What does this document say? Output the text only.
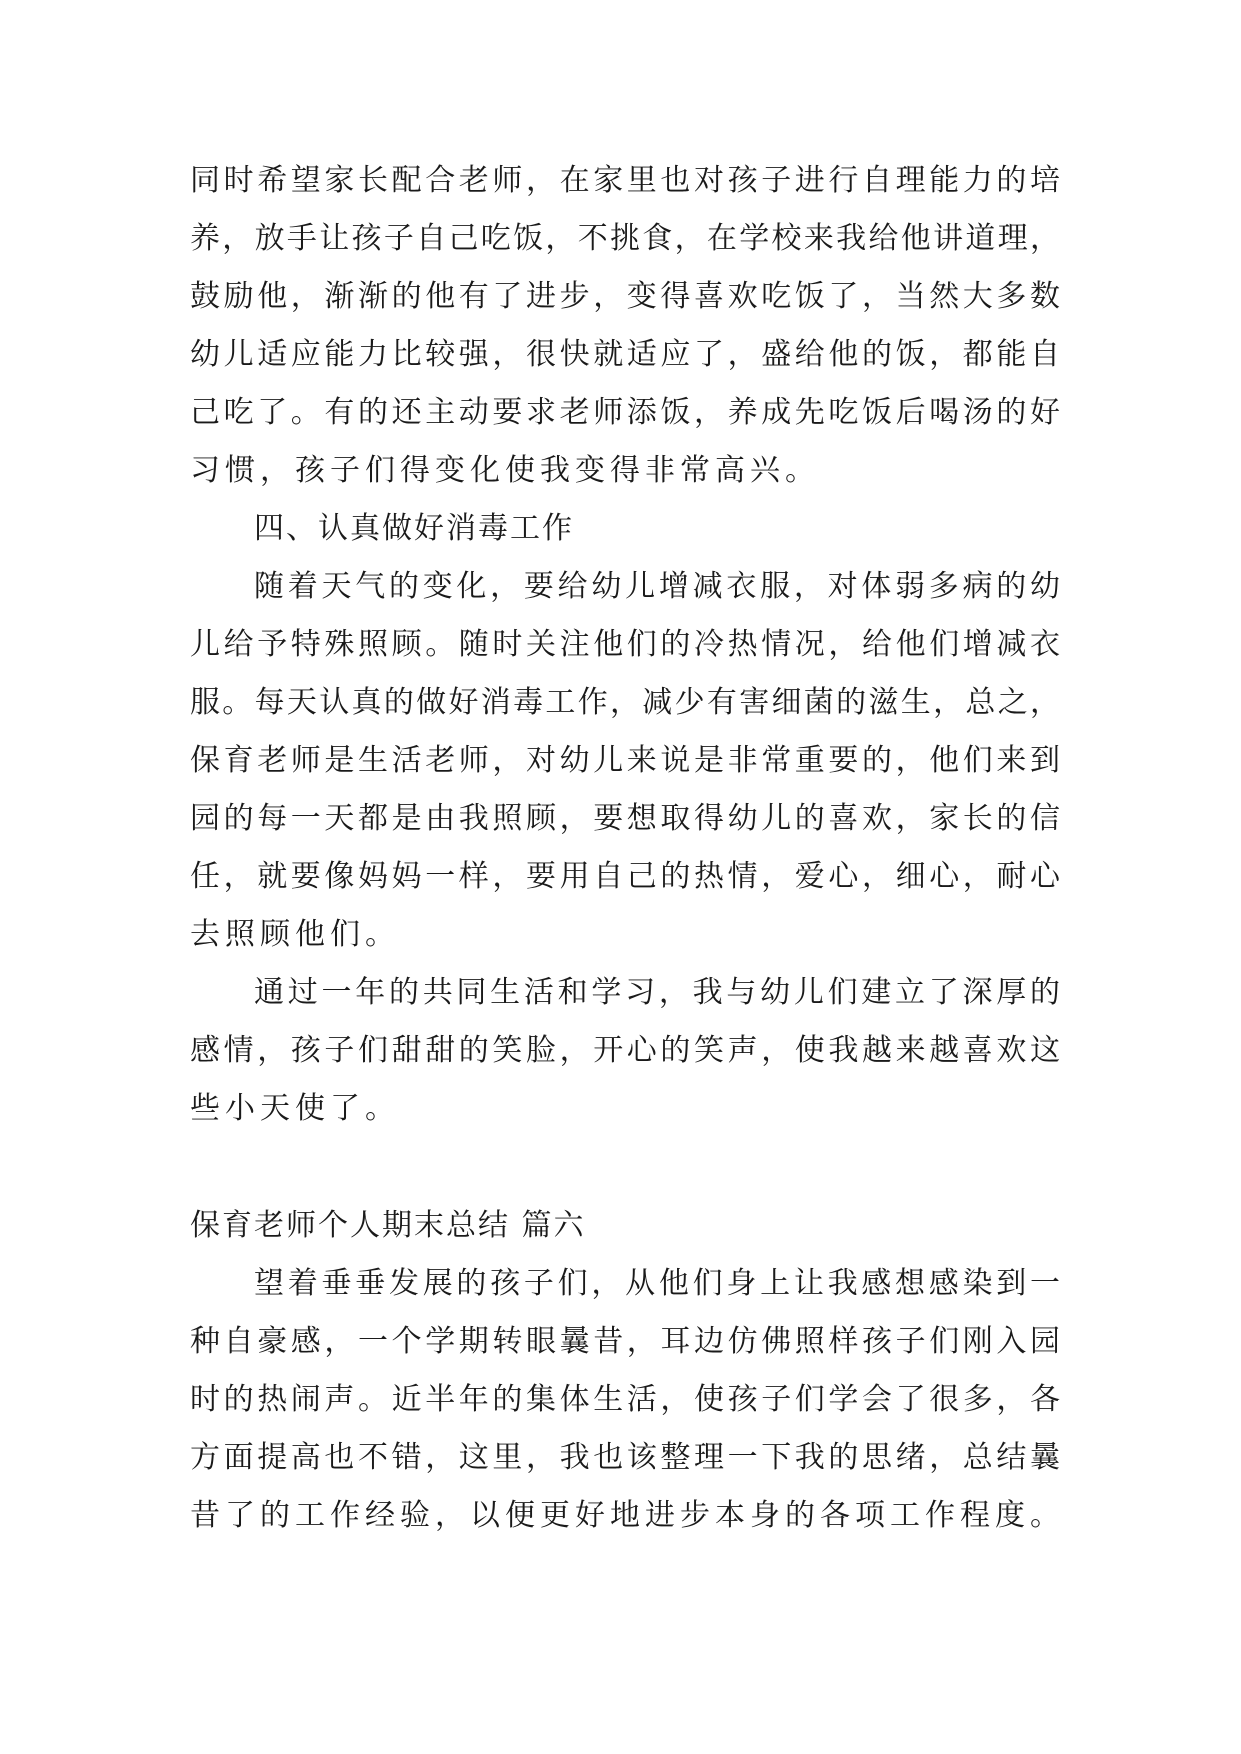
同时希望家长配合老师，在家里也对孩子进行自理能力的培
养，放手让孩子自己吃饭，不挑食，在学校来我给他讲道理，
鼓励他，渐渐的他有了进步，变得喜欢吃饭了，当然大多数
幼儿适应能力比较强，很快就适应了，盛给他的饭，都能自
己吃了。有的还主动要求老师添饭，养成先吃饭后喝汤的好
习惯，孩子们得变化使我变得非常高兴。
四、认真做好消毒工作
随着天气的变化，要给幼儿增减衣服，对体弱多病的幼
儿给予特殊照顾。随时关注他们的冷热情况，给他们增减衣
服。每天认真的做好消毒工作，减少有害细菌的滋生，总之，
保育老师是生活老师，对幼儿来说是非常重要的，他们来到
园的每一天都是由我照顾，要想取得幼儿的喜欢，家长的信
任，就要像妈妈一样，要用自己的热情，爱心，细心，耐心
去照顾他们。
通过一年的共同生活和学习，我与幼儿们建立了深厚的
感情，孩子们甜甜的笑脸，开心的笑声，使我越来越喜欢这
些小天使了。
保育老师个人期末总结 篇六
望着垂垂发展的孩子们，从他们身上让我感想感染到一
种自豪感，一个学期转眼曩昔，耳边仿佛照样孩子们刚入园
时的热闹声。近半年的集体生活，使孩子们学会了很多，各
方面提高也不错，这里，我也该整理一下我的思绪，总结曩
昔了的工作经验，以便更好地进步本身的各项工作程度。
